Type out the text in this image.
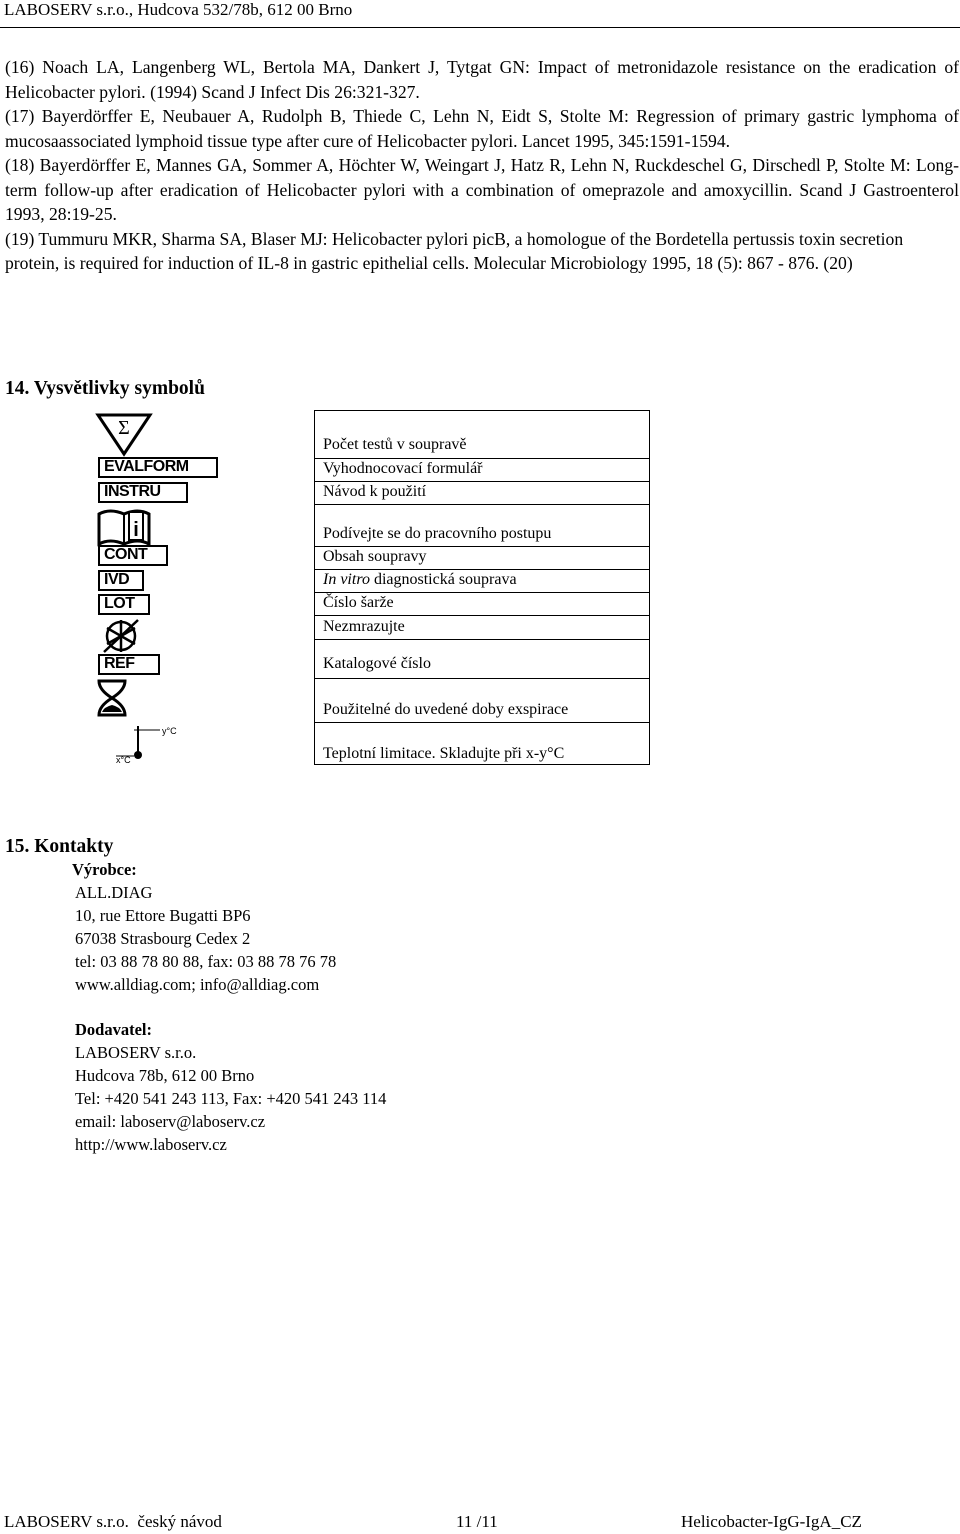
LABOSERV s.r.o., Hudcova 532/78b, 612 00 Brno

(16) Noach LA, Langenberg WL, Bertola MA, Dankert J, Tytgat GN: Impact of metronidazole resistance on the eradication of Helicobacter pylori. (1994) Scand J Infect Dis 26:321-327.

(17) Bayerdörffer E, Neubauer A, Rudolph B, Thiede C, Lehn N, Eidt S, Stolte M: Regression of primary gastric lymphoma of mucosaassociated lymphoid tissue type after cure of Helicobacter pylori. Lancet 1995, 345:1591-1594.

(18) Bayerdörffer E, Mannes GA, Sommer A, Höchter W, Weingart J, Hatz R, Lehn N, Ruckdeschel G, Dirschedl P, Stolte M: Long-term follow-up after eradication of Helicobacter pylori with a combination of omeprazole and amoxycillin. Scand J Gastroenterol 1993, 28:19-25.

(19) Tummuru MKR, Sharma SA, Blaser MJ: Helicobacter pylori picB, a homologue of the Bordetella pertussis toxin secretion protein, is required for induction of IL-8 in gastric epithelial cells. Molecular Microbiology 1995, 18 (5): 867 - 876. (20)

14. Vysvětlivky symbolů
Σ
EVALFORM
INSTRU
i
CONT
IVD
LOT
REF
y°C
x°C
Počet testů v soupravě
Vyhodnocovací formulář
Návod k použití
Podívejte se do pracovního postupu
Obsah soupravy
In vitro diagnostická souprava
Číslo šarže
Nezmrazujte
Katalogové číslo
Použitelné do uvedené doby exspirace
Teplotní limitace. Skladujte při x-y°C
15. Kontakty
Výrobce:
ALL.DIAG
10, rue Ettore Bugatti BP6
67038 Strasbourg Cedex 2
tel: 03 88 78 80 88, fax: 03 88 78 76 78
www.alldiag.com; info@alldiag.com
Dodavatel:
LABOSERV s.r.o.
Hudcova 78b, 612 00 Brno
Tel: +420 541 243 113, Fax: +420 541 243 114
email: laboserv@laboserv.cz
http://www.laboserv.cz
LABOSERV s.r.o.  český návod	11 /11	Helicobacter-IgG-IgA_CZ
